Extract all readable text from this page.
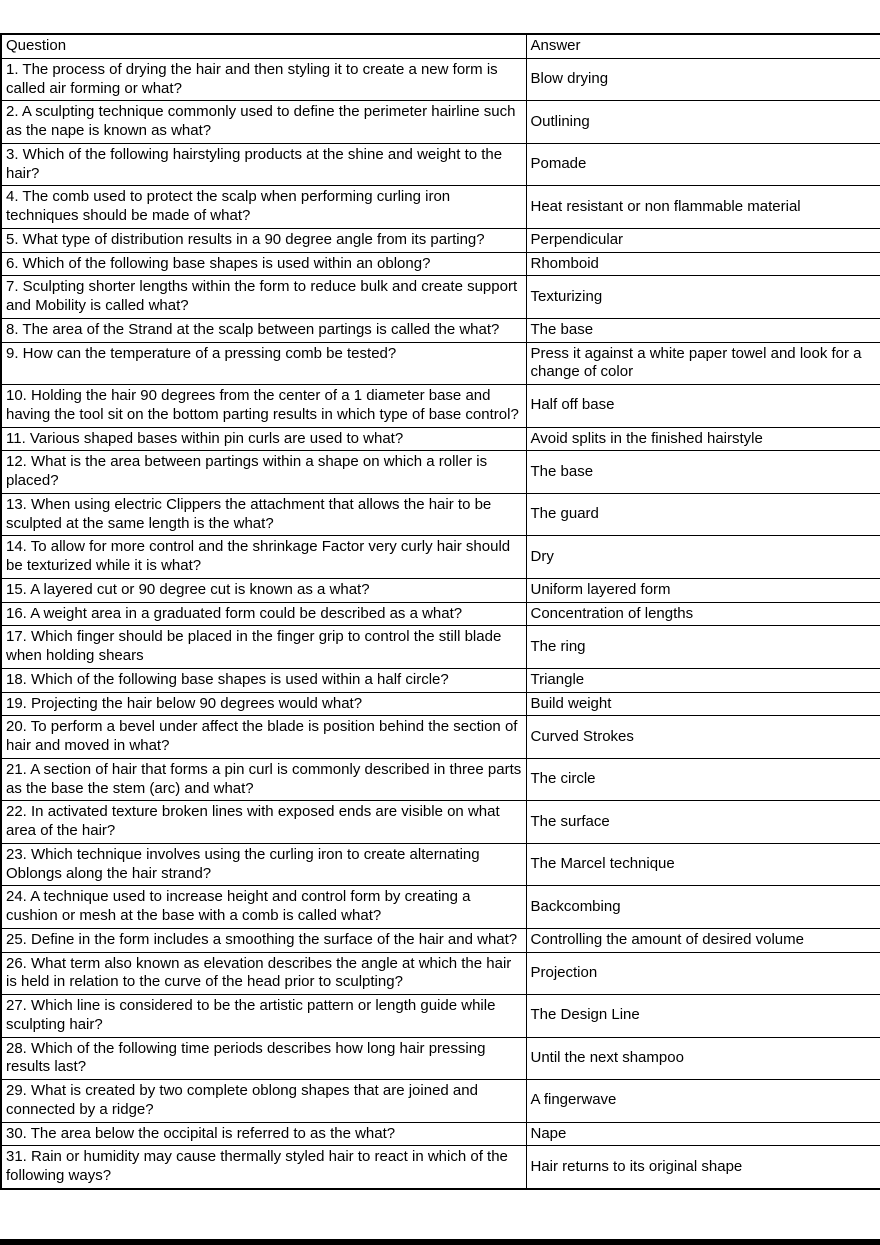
Question	Answer
1. The process of drying the hair and then styling it to create a new form is called air forming or what?	Blow drying
2. A sculpting technique commonly used to define the perimeter hairline such as the nape is known as what?	Outlining
3. Which of the following hairstyling products at the shine and weight to the hair?	Pomade
4. The comb used to protect the scalp when performing curling iron techniques should be made of what?	Heat resistant or non flammable material
5. What type of distribution results in a 90 degree angle from its parting?	Perpendicular
6. Which of the following base shapes is used within an oblong?	Rhomboid
7. Sculpting shorter lengths within the form to reduce bulk and create support and Mobility is called what?	Texturizing
8. The area of the Strand at the scalp between partings is called the what?	The base
9. How can the temperature of a pressing comb be tested?	Press it against a white paper towel and look for a change of color
10. Holding the hair 90 degrees from the center of a 1 diameter base and having the tool sit on the bottom parting results in which type of base control?	Half off base
11. Various shaped bases within pin curls are used to what?	Avoid splits in the finished hairstyle
12. What is the area between partings within a shape on which a roller is placed?	The base
13. When using electric Clippers the attachment that allows the hair to be sculpted at the same length is the what?	The guard
14. To allow for more control and the shrinkage Factor very curly hair should be texturized while it is what?	Dry
15. A layered cut or 90 degree cut is known as a what?	Uniform layered form
16. A weight area in a graduated form could be described as a what?	Concentration of lengths
17. Which finger should be placed in the finger grip to control the still blade when holding shears	The ring
18. Which of the following base shapes is used within a half circle?	Triangle
19. Projecting the hair below 90 degrees would what?	Build weight
20. To perform a bevel under affect the blade is position behind the section of hair and moved in what?	Curved Strokes
21. A section of hair that forms a pin curl is commonly described in three parts as the base the stem (arc) and what?	The circle
22. In activated texture broken lines with exposed ends are visible on what area of the hair?	The surface
23. Which technique involves using the curling iron to create alternating Oblongs along the hair strand?	The Marcel technique
24. A technique used to increase height and control form by creating a cushion or mesh at the base with a comb is called what?	Backcombing
25. Define in the form includes a smoothing the surface of the hair and what?	Controlling the amount of desired volume
26. What term also known as elevation describes the angle at which the hair is held in relation to the curve of the head prior to sculpting?	Projection
27. Which line is considered to be the artistic pattern or length guide while sculpting hair?	The Design Line
28. Which of the following time periods describes how long hair pressing results last?	Until the next shampoo
29. What is created by two complete oblong shapes that are joined and connected by a ridge?	A fingerwave
30. The area below the occipital is referred to as the what?	Nape
31. Rain or humidity may cause thermally styled hair to react in which of the following ways?	Hair returns to its original shape
